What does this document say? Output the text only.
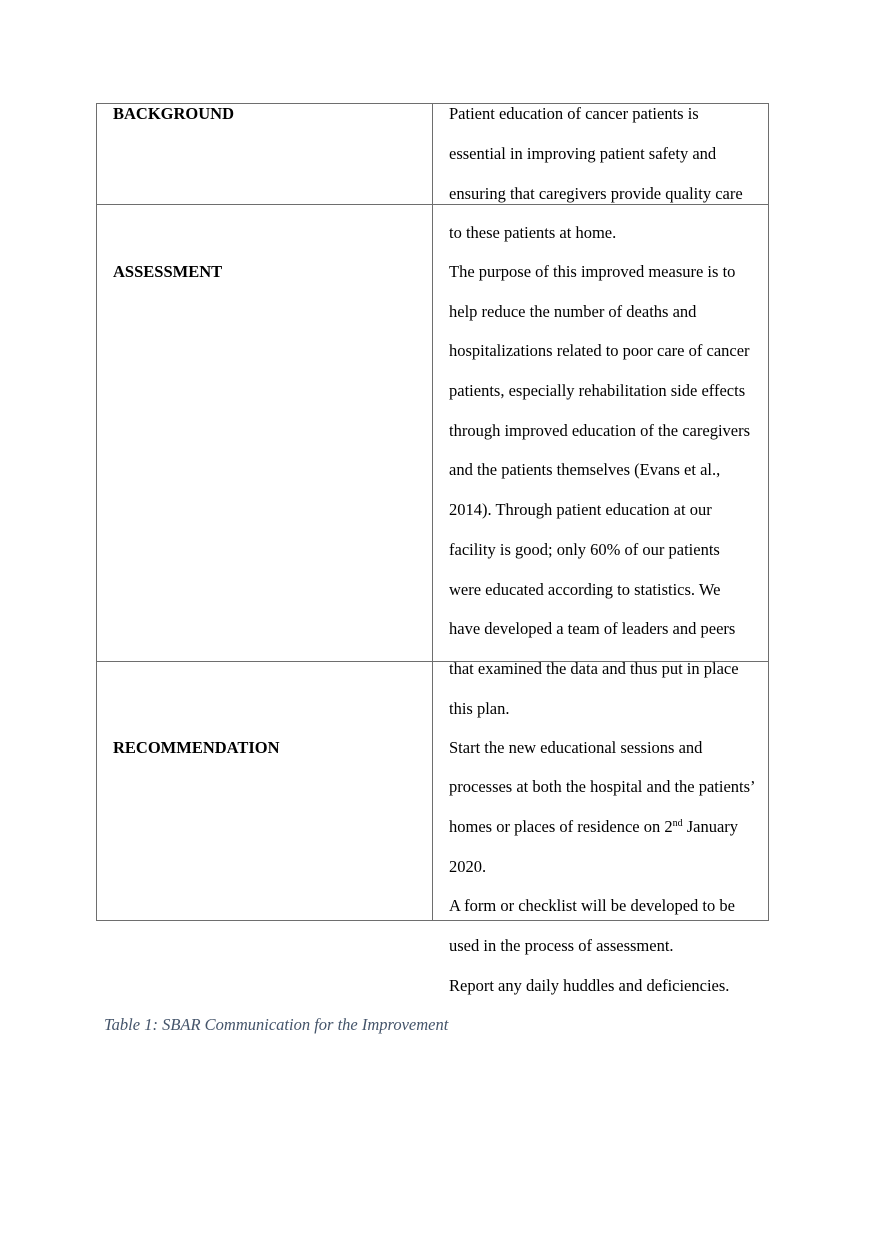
BACKGROUND
ASSESSMENT
RECOMMENDATION
Patient education of cancer patients is
essential in improving patient safety and
ensuring that caregivers provide quality care
to these patients at home.
The purpose of this improved measure is to
help reduce the number of deaths and
hospitalizations related to poor care of cancer
patients, especially rehabilitation side effects
through improved education of the caregivers
and the patients themselves (Evans et al.,
2014). Through patient education at our
facility is good; only 60% of our patients
were educated according to statistics. We
have developed a team of leaders and peers
that examined the data and thus put in place
this plan.
Start the new educational sessions and
processes at both the hospital and the patients’
homes or places of residence on 2nd January
2020.
A form or checklist will be developed to be
used in the process of assessment.
Report any daily huddles and deficiencies.
Table 1: SBAR Communication for the Improvement
